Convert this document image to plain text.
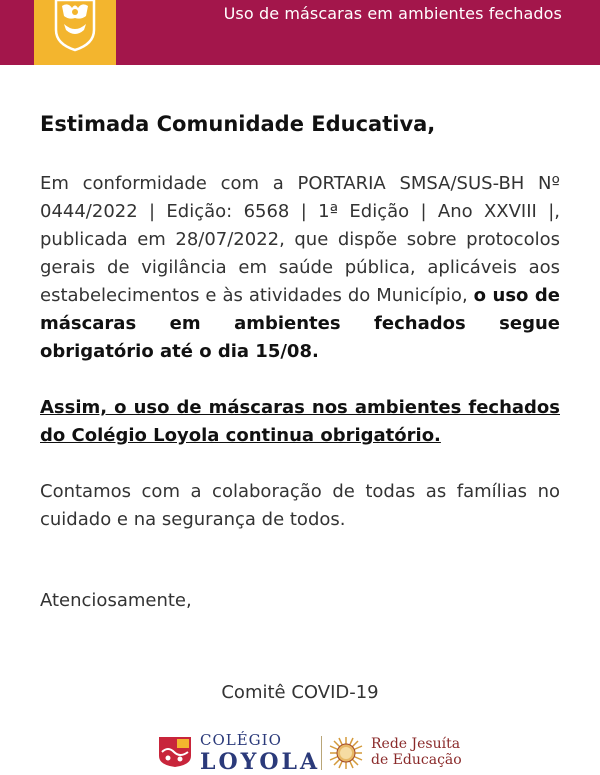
Uso de máscaras em ambientes fechados
Estimada Comunidade Educativa,

Em conformidade com a PORTARIA SMSA/SUS-BH Nº 0444/2022 | Edição: 6568 | 1ª Edição | Ano XXVIII |, publicada em 28/07/2022, que dispõe sobre protocolos gerais de vigilância em saúde pública, aplicáveis aos estabelecimentos e às atividades do Município, o uso de máscaras em ambientes fechados segue obrigatório até o dia 15/08.

Assim, o uso de máscaras nos ambientes fechados do Colégio Loyola continua obrigatório.

Contamos com a colaboração de todas as famílias no cuidado e na segurança de todos.

Atenciosamente,

Comitê COVID-19
COLÉGIO
LOYOLA
Rede Jesuíta
de Educação
